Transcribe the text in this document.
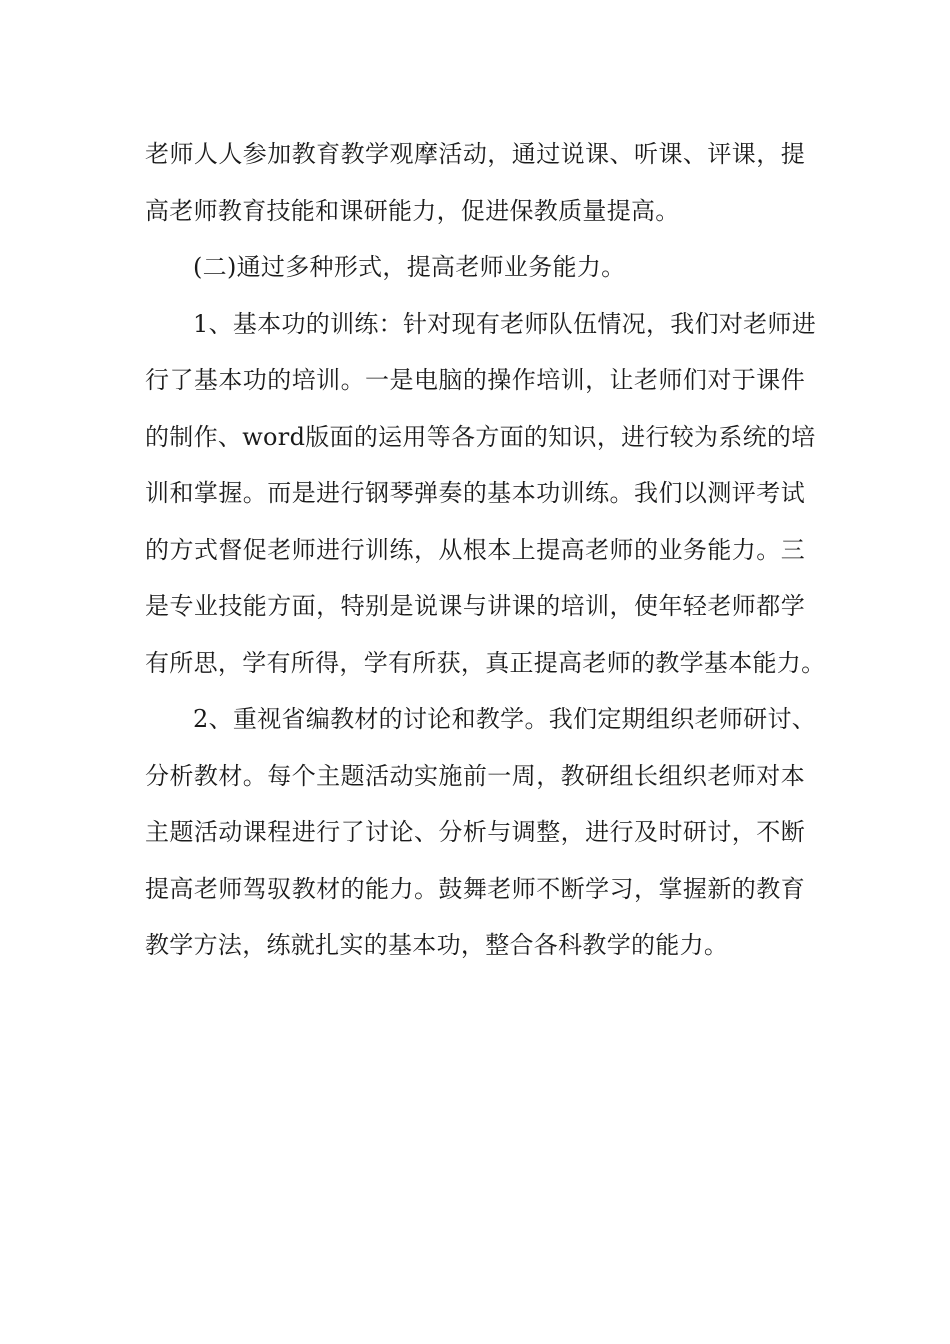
老师人人参加教育教学观摩活动，通过说课、听课、评课，提
高老师教育技能和课研能力，促进保教质量提高。
(二)通过多种形式，提高老师业务能力。
1、基本功的训练：针对现有老师队伍情况，我们对老师进
行了基本功的培训。一是电脑的操作培训，让老师们对于课件
的制作、word版面的运用等各方面的知识，进行较为系统的培
训和掌握。而是进行钢琴弹奏的基本功训练。我们以测评考试
的方式督促老师进行训练，从根本上提高老师的业务能力。三
是专业技能方面，特别是说课与讲课的培训，使年轻老师都学
有所思，学有所得，学有所获，真正提高老师的教学基本能力。
2、重视省编教材的讨论和教学。我们定期组织老师研讨、
分析教材。每个主题活动实施前一周，教研组长组织老师对本
主题活动课程进行了讨论、分析与调整，进行及时研讨，不断
提高老师驾驭教材的能力。鼓舞老师不断学习，掌握新的教育
教学方法，练就扎实的基本功，整合各科教学的能力。
